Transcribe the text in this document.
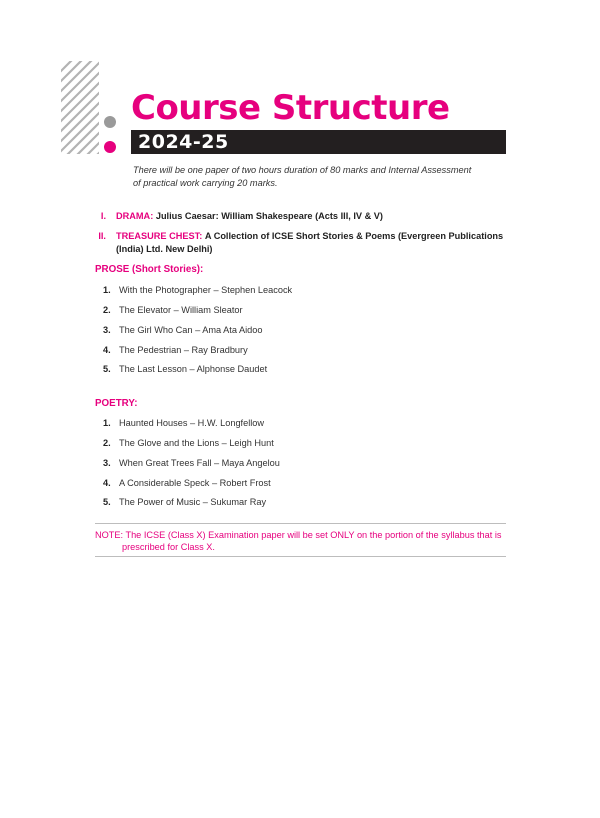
Course Structure
2024-25
There will be one paper of two hours duration of 80 marks and Internal Assessment of practical work carrying 20 marks.
I. DRAMA: Julius Caesar: William Shakespeare (Acts III, IV & V)
II. TREASURE CHEST: A Collection of ICSE Short Stories & Poems (Evergreen Publications
(India) Ltd. New Delhi)
PROSE (Short Stories):
1. With the Photographer – Stephen Leacock
2. The Elevator – William Sleator
3. The Girl Who Can – Ama Ata Aidoo
4. The Pedestrian – Ray Bradbury
5. The Last Lesson – Alphonse Daudet
POETRY:
1. Haunted Houses – H.W. Longfellow
2. The Glove and the Lions – Leigh Hunt
3. When Great Trees Fall – Maya Angelou
4. A Considerable Speck – Robert Frost
5. The Power of Music – Sukumar Ray
NOTE: The ICSE (Class X) Examination paper will be set ONLY on the portion of the syllabus that is
prescribed for Class X.
